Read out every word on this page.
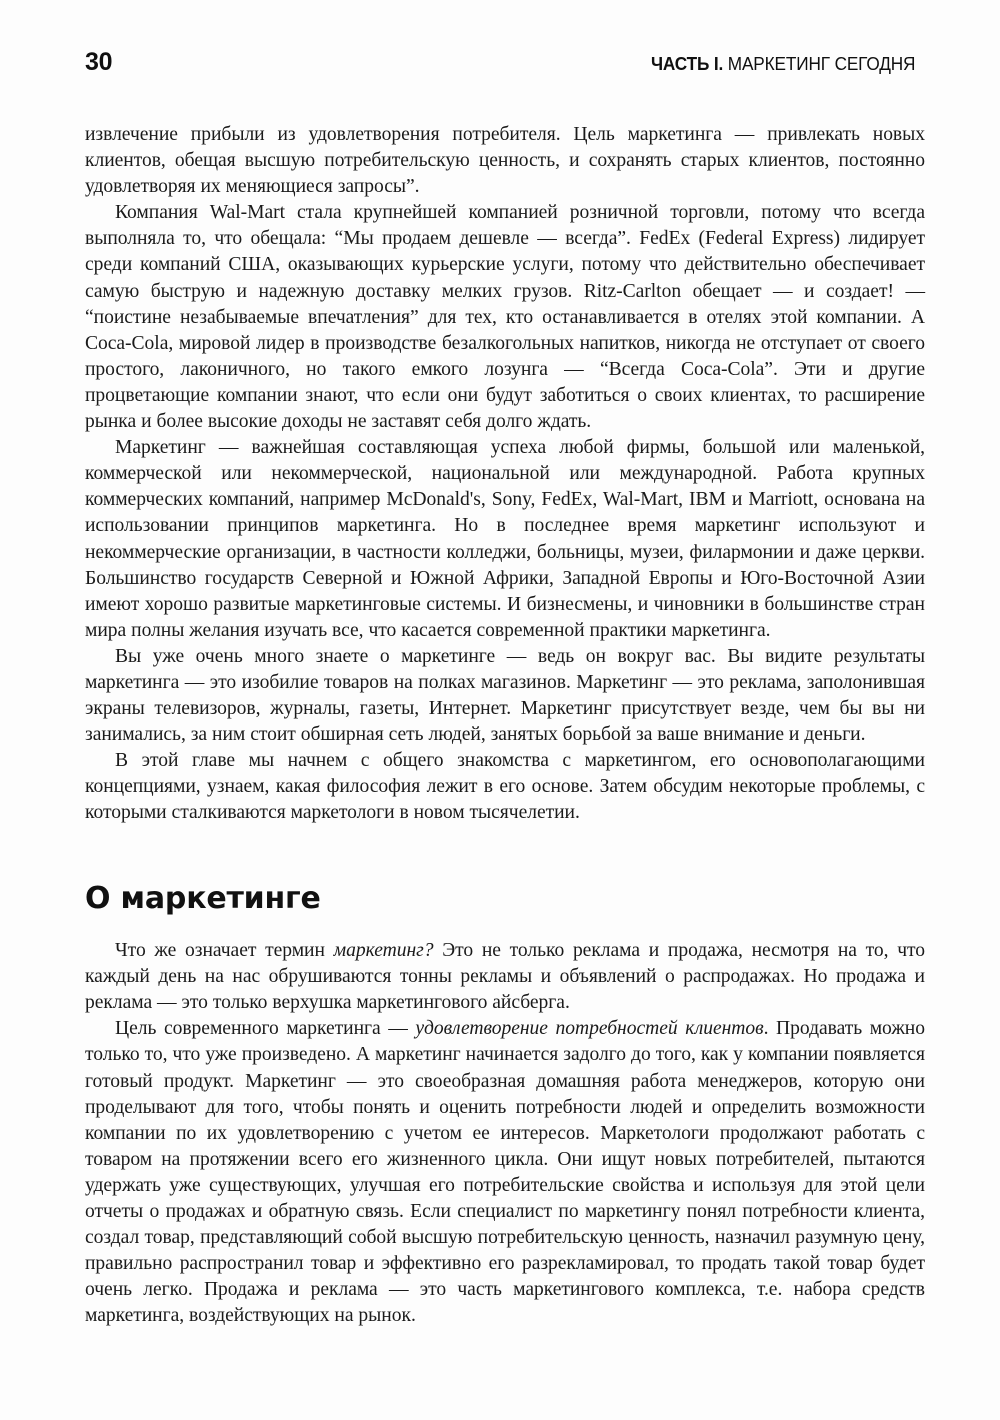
30	ЧАСТЬ I. МАРКЕТИНГ СЕГОДНЯ

извлечение прибыли из удовлетворения потребителя. Цель маркетинга — привлекать новых клиентов, обещая высшую потребительскую ценность, и сохранять старых клиентов, постоянно удовлетворяя их меняющиеся запросы”.

Компания Wal-Mart стала крупнейшей компанией розничной торговли, потому что всегда выполняла то, что обещала: “Мы продаем дешевле — всегда”. FedEx (Federal Express) лидирует среди компаний США, оказывающих курьерские услуги, потому что действительно обеспечивает самую быструю и надежную доставку мелких грузов. Ritz-Carlton обещает — и создает! — “поистине незабываемые впечатления” для тех, кто останавливается в отелях этой компании. А Coca-Cola, мировой лидер в производстве безалкогольных напитков, никогда не отступает от своего простого, лаконичного, но такого емкого лозунга — “Всегда Coca-Cola”. Эти и другие процветающие компании знают, что если они будут заботиться о своих клиентах, то расширение рынка и более высокие доходы не заставят себя долго ждать.

Маркетинг — важнейшая составляющая успеха любой фирмы, большой или маленькой, коммерческой или некоммерческой, национальной или международной. Работа крупных коммерческих компаний, например McDonald's, Sony, FedEx, Wal-Mart, IBM и Marriott, основана на использовании принципов маркетинга. Но в последнее время маркетинг используют и некоммерческие организации, в частности колледжи, больницы, музеи, филармонии и даже церкви. Большинство государств Северной и Южной Африки, Западной Европы и Юго-Восточной Азии имеют хорошо развитые маркетинговые системы. И бизнесмены, и чиновники в большинстве стран мира полны желания изучать все, что касается современной практики маркетинга.

Вы уже очень много знаете о маркетинге — ведь он вокруг вас. Вы видите результаты маркетинга — это изобилие товаров на полках магазинов. Маркетинг — это реклама, заполонившая экраны телевизоров, журналы, газеты, Интернет. Маркетинг присутствует везде, чем бы вы ни занимались, за ним стоит обширная сеть людей, занятых борьбой за ваше внимание и деньги.

В этой главе мы начнем с общего знакомства с маркетингом, его основополагающими концепциями, узнаем, какая философия лежит в его основе. Затем обсудим некоторые проблемы, с которыми сталкиваются маркетологи в новом тысячелетии.

О маркетинге

Что же означает термин маркетинг? Это не только реклама и продажа, несмотря на то, что каждый день на нас обрушиваются тонны рекламы и объявлений о распродажах. Но продажа и реклама — это только верхушка маркетингового айсберга.

Цель современного маркетинга — удовлетворение потребностей клиентов. Продавать можно только то, что уже произведено. А маркетинг начинается задолго до того, как у компании появляется готовый продукт. Маркетинг — это своеобразная домашняя работа менеджеров, которую они проделывают для того, чтобы понять и оценить потребности людей и определить возможности компании по их удовлетворению с учетом ее интересов. Маркетологи продолжают работать с товаром на протяжении всего его жизненного цикла. Они ищут новых потребителей, пытаются удержать уже существующих, улучшая его потребительские свойства и используя для этой цели отчеты о продажах и обратную связь. Если специалист по маркетингу понял потребности клиента, создал товар, представляющий собой высшую потребительскую ценность, назначил разумную цену, правильно распространил товар и эффективно его разрекламировал, то продать такой товар будет очень легко. Продажа и реклама — это часть маркетингового комплекса, т.е. набора средств маркетинга, воздействующих на рынок.
